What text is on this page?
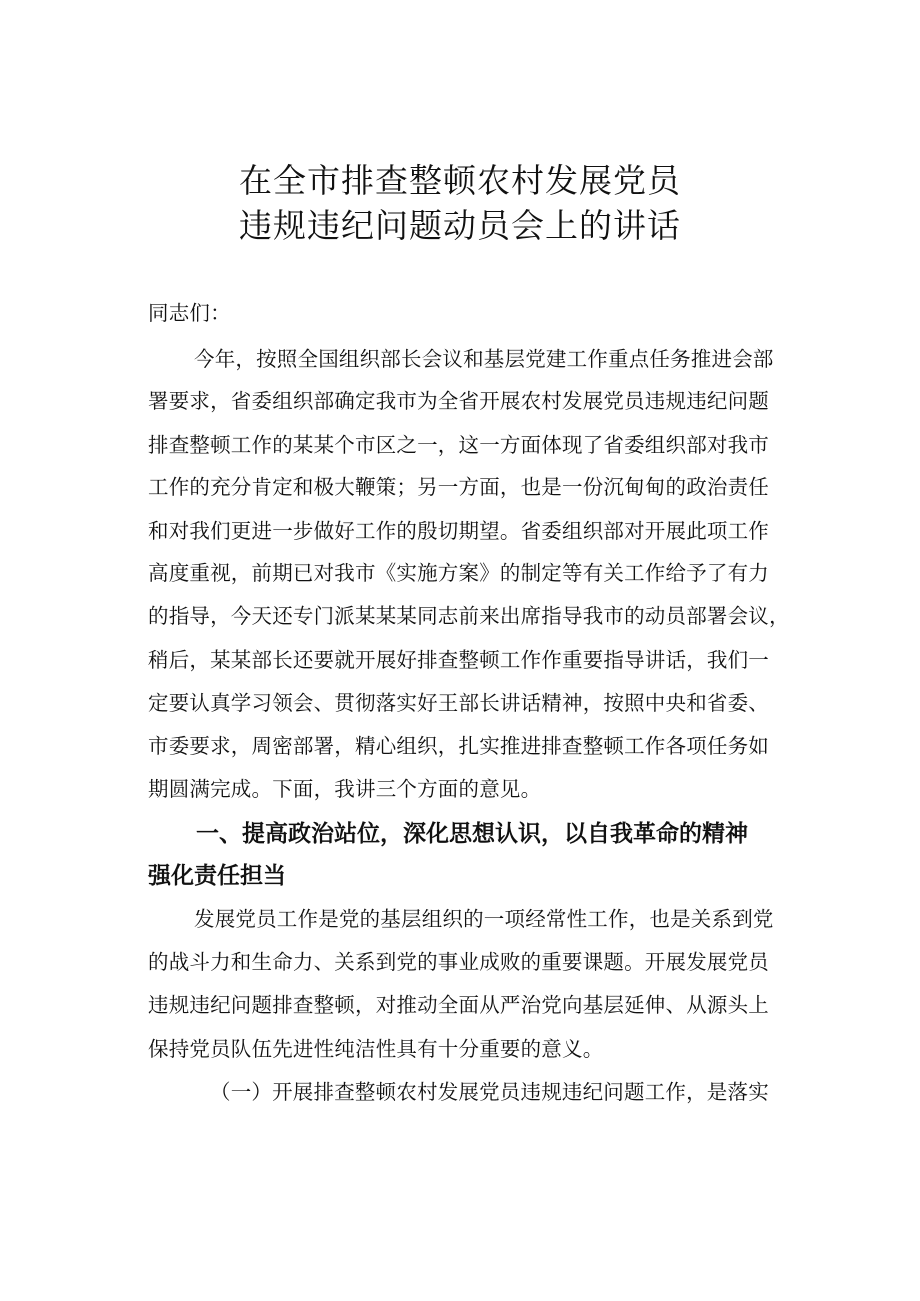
在全市排查整顿农村发展党员
违规违纪问题动员会上的讲话
同志们：
今年，按照全国组织部长会议和基层党建工作重点任务推进会部
署要求，省委组织部确定我市为全省开展农村发展党员违规违纪问题
排查整顿工作的某某个市区之一，这一方面体现了省委组织部对我市
工作的充分肯定和极大鞭策；另一方面，也是一份沉甸甸的政治责任
和对我们更进一步做好工作的殷切期望。省委组织部对开展此项工作
高度重视，前期已对我市《实施方案》的制定等有关工作给予了有力
的指导，今天还专门派某某某同志前来出席指导我市的动员部署会议，
稍后，某某部长还要就开展好排查整顿工作作重要指导讲话，我们一
定要认真学习领会、贯彻落实好王部长讲话精神，按照中央和省委、
市委要求，周密部署，精心组织，扎实推进排查整顿工作各项任务如
期圆满完成。下面，我讲三个方面的意见。
一、提高政治站位，深化思想认识，以自我革命的精神
强化责任担当
发展党员工作是党的基层组织的一项经常性工作，也是关系到党
的战斗力和生命力、关系到党的事业成败的重要课题。开展发展党员
违规违纪问题排查整顿，对推动全面从严治党向基层延伸、从源头上
保持党员队伍先进性纯洁性具有十分重要的意义。
（一）开展排查整顿农村发展党员违规违纪问题工作，是落实
